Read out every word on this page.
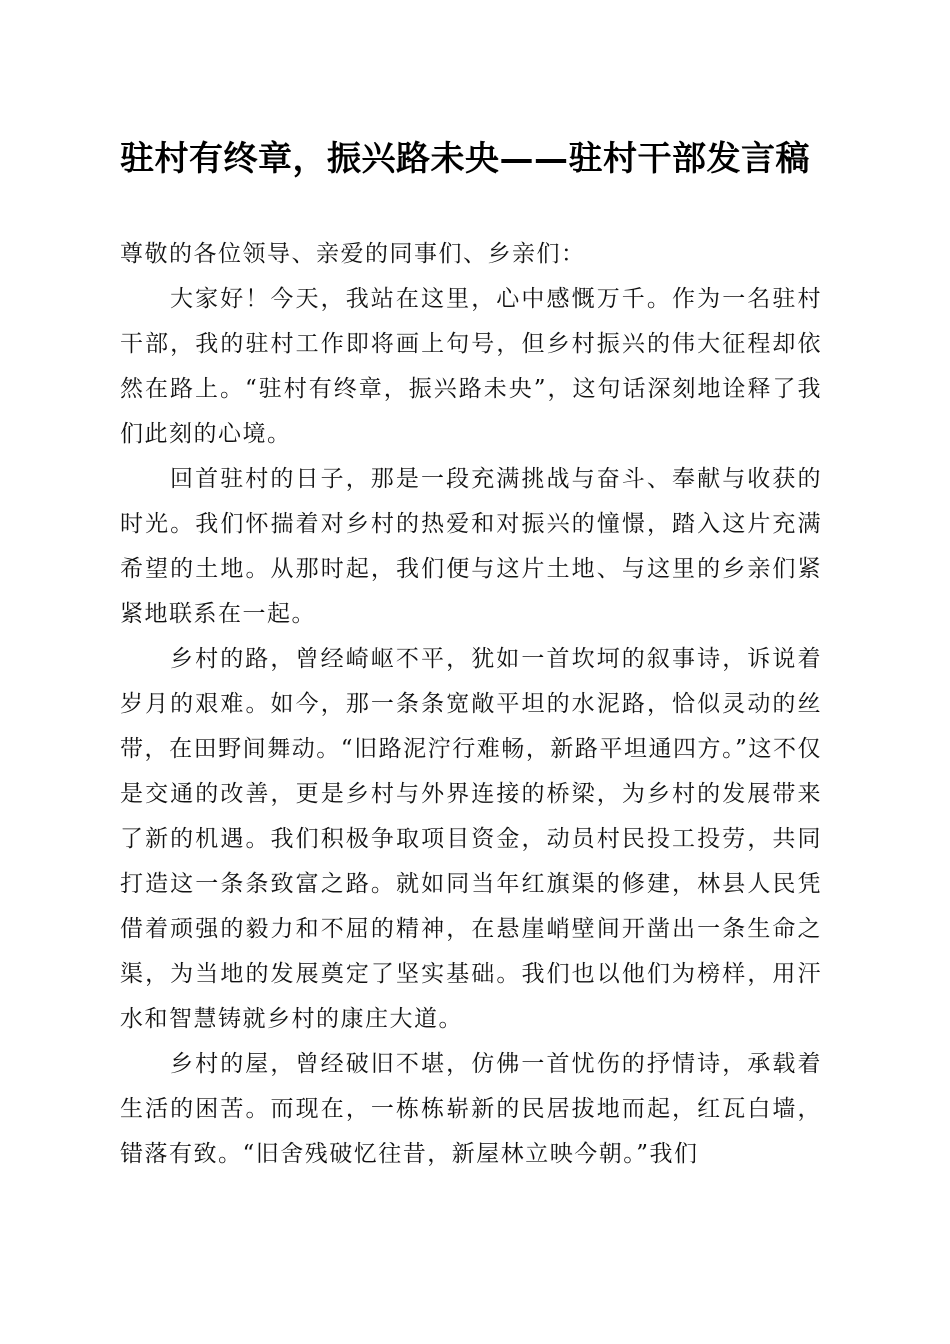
驻村有终章，振兴路未央——驻村干部发言稿

尊敬的各位领导、亲爱的同事们、乡亲们：

大家好！今天，我站在这里，心中感慨万千。作为一名驻村干部，我的驻村工作即将画上句号，但乡村振兴的伟大征程却依然在路上。“驻村有终章，振兴路未央”，这句话深刻地诠释了我们此刻的心境。

回首驻村的日子，那是一段充满挑战与奋斗、奉献与收获的时光。我们怀揣着对乡村的热爱和对振兴的憧憬，踏入这片充满希望的土地。从那时起，我们便与这片土地、与这里的乡亲们紧紧地联系在一起。

乡村的路，曾经崎岖不平，犹如一首坎坷的叙事诗，诉说着岁月的艰难。如今，那一条条宽敞平坦的水泥路，恰似灵动的丝带，在田野间舞动。“旧路泥泞行难畅，新路平坦通四方。”这不仅是交通的改善，更是乡村与外界连接的桥梁，为乡村的发展带来了新的机遇。我们积极争取项目资金，动员村民投工投劳，共同打造这一条条致富之路。就如同当年红旗渠的修建，林县人民凭借着顽强的毅力和不屈的精神，在悬崖峭壁间开凿出一条生命之渠，为当地的发展奠定了坚实基础。我们也以他们为榜样，用汗水和智慧铸就乡村的康庄大道。

乡村的屋，曾经破旧不堪，仿佛一首忧伤的抒情诗，承载着生活的困苦。而现在，一栋栋崭新的民居拔地而起，红瓦白墙，错落有致。“旧舍残破忆往昔，新屋林立映今朝。”我们
